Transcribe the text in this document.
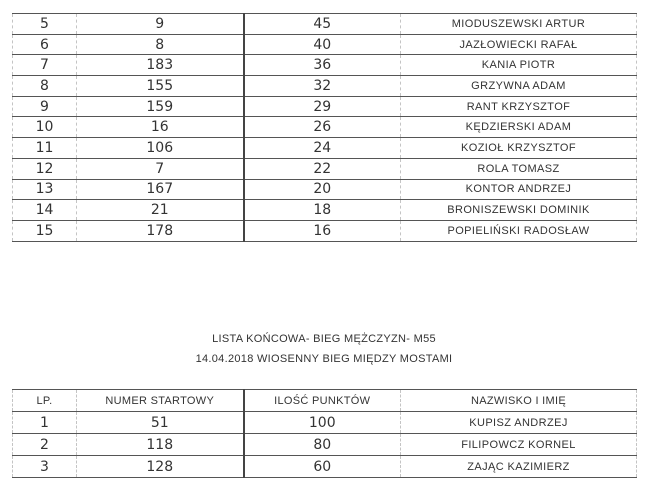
5	9	45	MIODUSZEWSKI ARTUR
6	8	40	JAZŁOWIECKI RAFAŁ
7	183	36	KANIA PIOTR
8	155	32	GRZYWNA ADAM
9	159	29	RANT KRZYSZTOF
10	16	26	KĘDZIERSKI ADAM
11	106	24	KOZIOŁ KRZYSZTOF
12	7	22	ROLA TOMASZ
13	167	20	KONTOR ANDRZEJ
14	21	18	BRONISZEWSKI DOMINIK
15	178	16	POPIELIŃSKI RADOSŁAW
LISTA KOŃCOWA- BIEG MĘŻCZYZN- M55
14.04.2018 WIOSENNY BIEG MIĘDZY MOSTAMI
LP.	NUMER STARTOWY	ILOŚĆ PUNKTÓW	NAZWISKO I IMIĘ
1	51	100	KUPISZ ANDRZEJ
2	118	80	FILIPOWCZ KORNEL
3	128	60	ZAJĄC KAZIMIERZ
